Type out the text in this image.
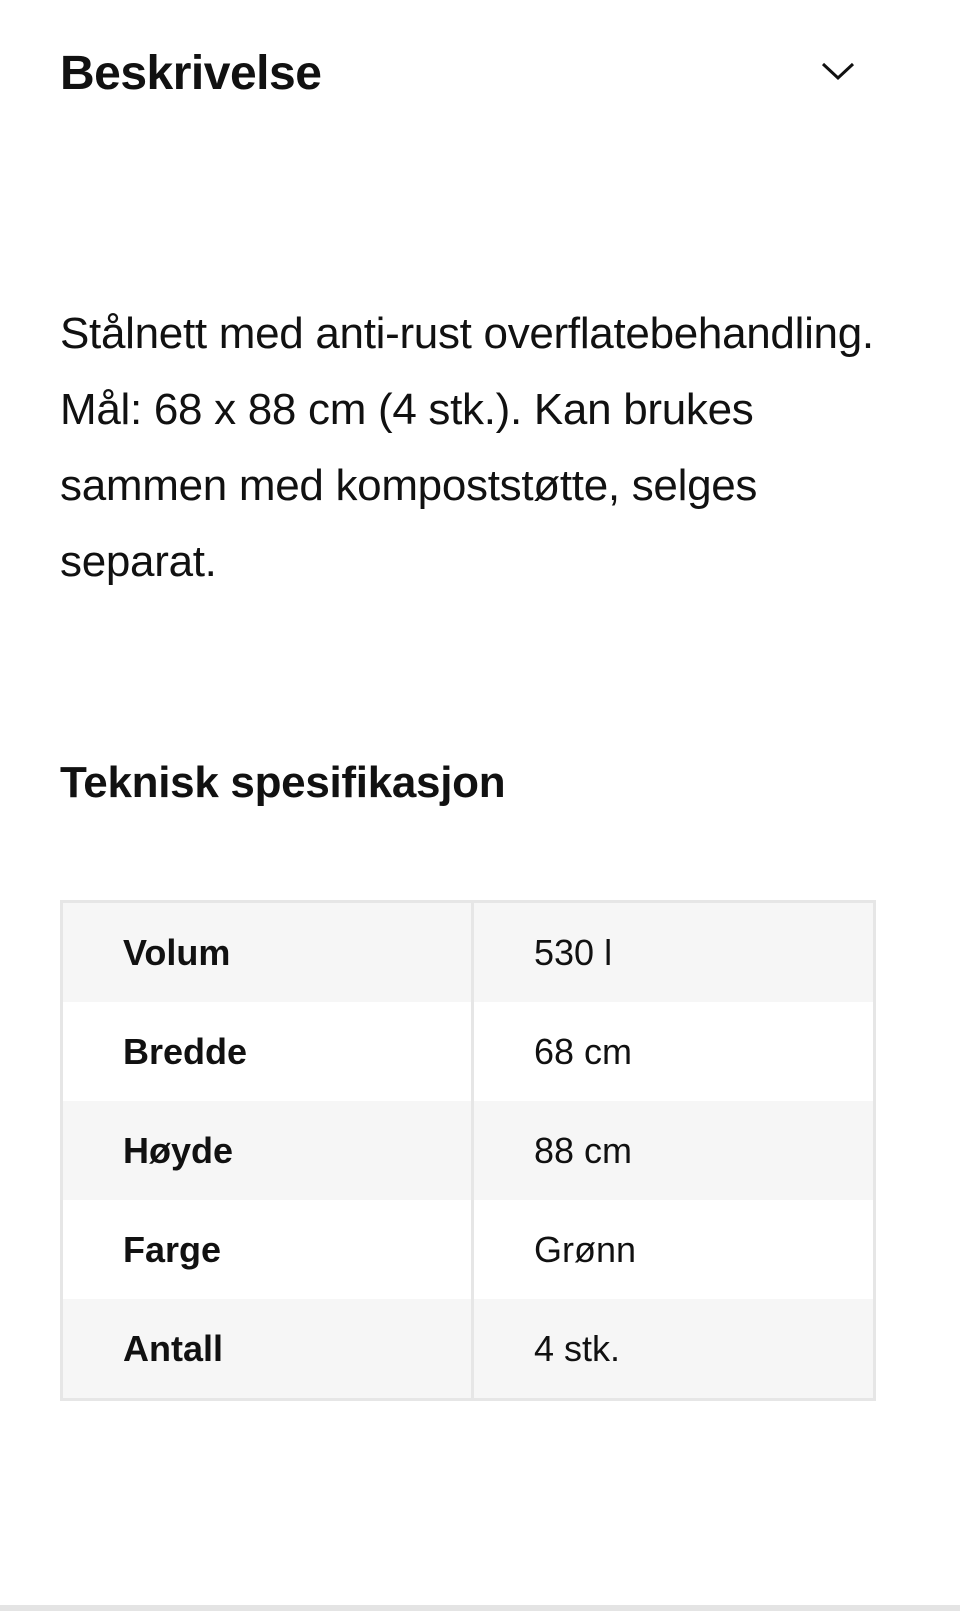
Beskrivelse

Stålnett med anti-rust overflatebehandling. Mål: 68 x 88 cm (4 stk.). Kan brukes sammen med kompoststøtte, selges separat.

Teknisk spesifikasjon
Volum	530 l
Bredde	68 cm
Høyde	88 cm
Farge	Grønn
Antall	4 stk.
